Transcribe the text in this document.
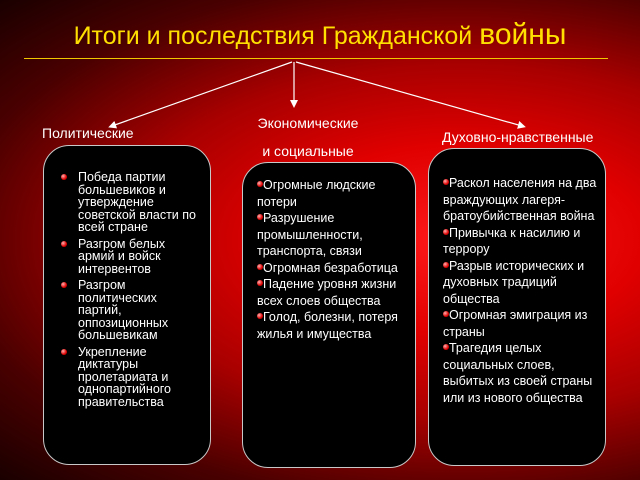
Итоги и последствия Гражданской войны
Политические
Экономические
и социальные
Духовно-нравственные
Победа партии большевиков и утверждение советской власти по всей стране
Разгром белых армий и войск интервентов
Разгром политических партий, оппозиционных большевикам
Укрепление диктатуры пролетариата и однопартийного правительства
Огромные людские потери
Разрушение промышленности, транспорта, связи
Огромная безработица
Падение уровня жизни всех слоев общества
Голод, болезни, потеря жилья и имущества
Раскол населения на два враждующих лагеря-братоубийственная война
Привычка к насилию и террору
Разрыв исторических и духовных традиций общества
Огромная эмиграция из страны
Трагедия целых социальных слоев, выбитых из своей страны или из нового общества
